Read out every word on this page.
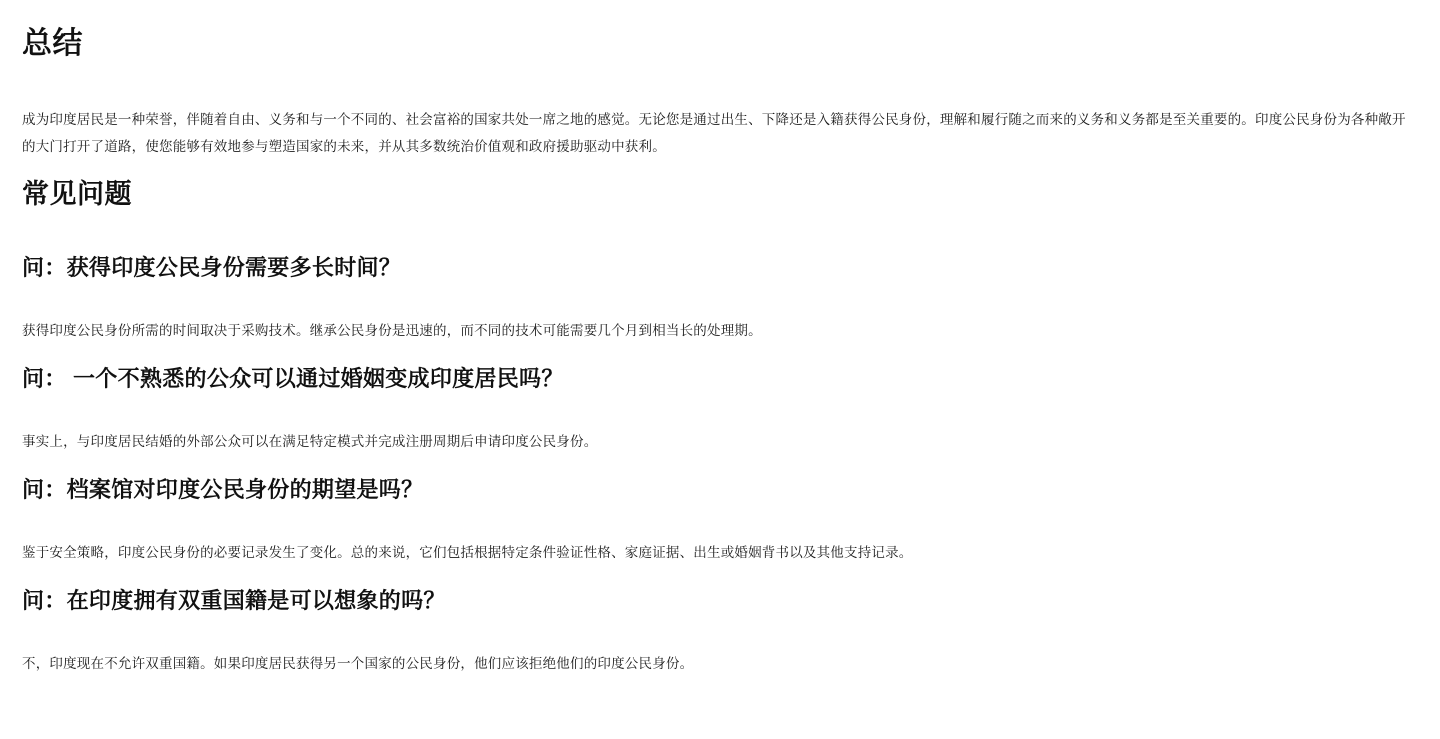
总结

成为印度居民是一种荣誉，伴随着自由、义务和与一个不同的、社会富裕的国家共处一席之地的感觉。无论您是通过出生、下降还是入籍获得公民身份，理解和履行随之而来的义务和义务都是至关重要的。印度公民身份为各种敞开的大门打开了道路，使您能够有效地参与塑造国家的未来，并从其多数统治价值观和政府援助驱动中获利。

常见问题
问：获得印度公民身份需要多长时间？

获得印度公民身份所需的时间取决于采购技术。继承公民身份是迅速的，而不同的技术可能需要几个月到相当长的处理期。

问： 一个不熟悉的公众可以通过婚姻变成印度居民吗？

事实上，与印度居民结婚的外部公众可以在满足特定模式并完成注册周期后申请印度公民身份。

问：档案馆对印度公民身份的期望是吗？

鉴于安全策略，印度公民身份的必要记录发生了变化。总的来说，它们包括根据特定条件验证性格、家庭证据、出生或婚姻背书以及其他支持记录。

问：在印度拥有双重国籍是可以想象的吗？

不，印度现在不允许双重国籍。如果印度居民获得另一个国家的公民身份，他们应该拒绝他们的印度公民身份。
